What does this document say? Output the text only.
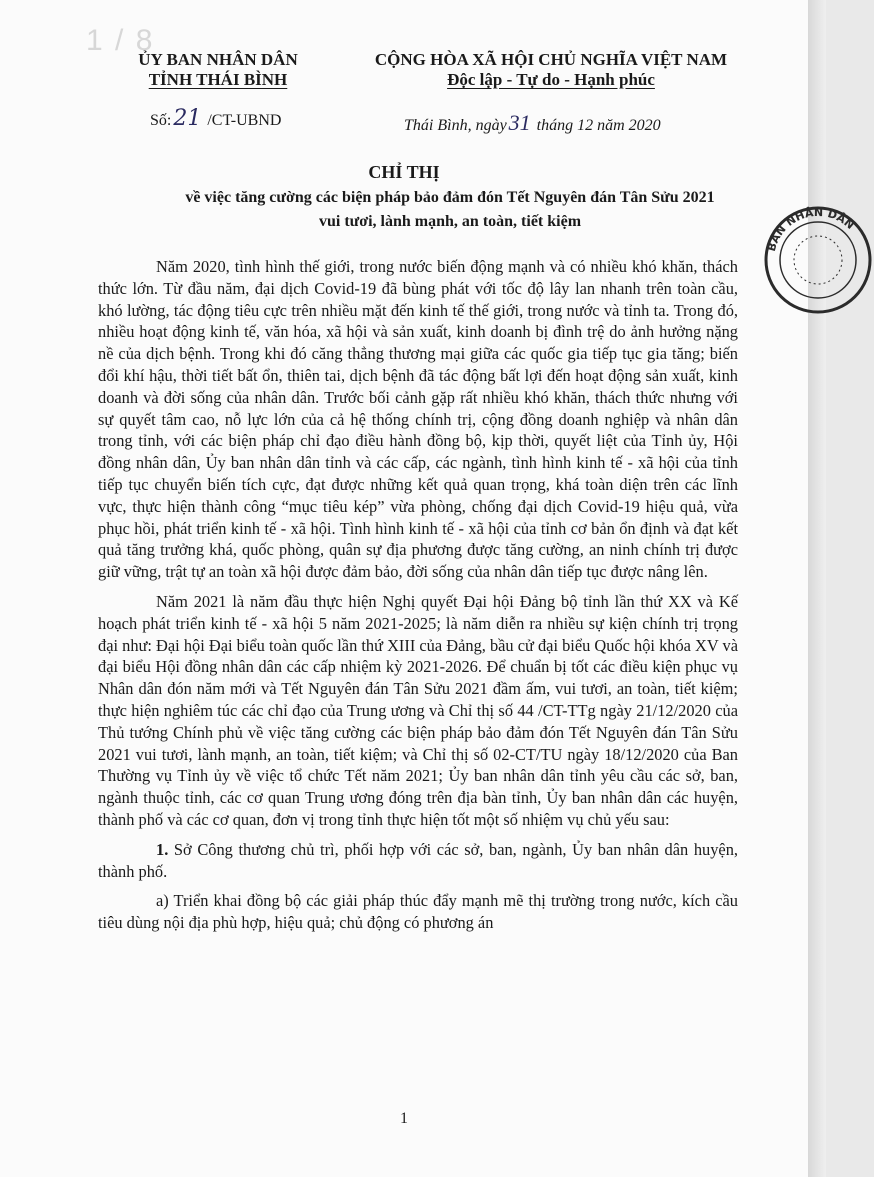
1 / 8
ỦY BAN NHÂN DÂN
TỈNH THÁI BÌNH
CỘNG HÒA XÃ HỘI CHỦ NGHĨA VIỆT NAM
Độc lập - Tự do - Hạnh phúc
Số:21 /CT-UBND	Thái Bình, ngày31 tháng 12 năm 2020
CHỈ THỊ
về việc tăng cường các biện pháp bảo đảm đón Tết Nguyên đán Tân Sửu 2021
vui tươi, lành mạnh, an toàn, tiết kiệm

Năm 2020, tình hình thế giới, trong nước biến động mạnh và có nhiều khó khăn, thách thức lớn. Từ đầu năm, đại dịch Covid-19 đã bùng phát với tốc độ lây lan nhanh trên toàn cầu, khó lường, tác động tiêu cực trên nhiều mặt đến kinh tế thế giới, trong nước và tỉnh ta. Trong đó, nhiều hoạt động kinh tế, văn hóa, xã hội và sản xuất, kinh doanh bị đình trệ do ảnh hưởng nặng nề của dịch bệnh. Trong khi đó căng thẳng thương mại giữa các quốc gia tiếp tục gia tăng; biến đổi khí hậu, thời tiết bất ổn, thiên tai, dịch bệnh đã tác động bất lợi đến hoạt động sản xuất, kinh doanh và đời sống của nhân dân. Trước bối cảnh gặp rất nhiều khó khăn, thách thức nhưng với sự quyết tâm cao, nỗ lực lớn của cả hệ thống chính trị, cộng đồng doanh nghiệp và nhân dân trong tỉnh, với các biện pháp chỉ đạo điều hành đồng bộ, kịp thời, quyết liệt của Tỉnh ủy, Hội đồng nhân dân, Ủy ban nhân dân tỉnh và các cấp, các ngành, tình hình kinh tế - xã hội của tỉnh tiếp tục chuyển biến tích cực, đạt được những kết quả quan trọng, khá toàn diện trên các lĩnh vực, thực hiện thành công “mục tiêu kép” vừa phòng, chống đại dịch Covid-19 hiệu quả, vừa phục hồi, phát triển kinh tế - xã hội. Tình hình kinh tế - xã hội của tỉnh cơ bản ổn định và đạt kết quả tăng trưởng khá, quốc phòng, quân sự địa phương được tăng cường, an ninh chính trị được giữ vững, trật tự an toàn xã hội được đảm bảo, đời sống của nhân dân tiếp tục được nâng lên.

Năm 2021 là năm đầu thực hiện Nghị quyết Đại hội Đảng bộ tỉnh lần thứ XX và Kế hoạch phát triển kinh tế - xã hội 5 năm 2021-2025; là năm diễn ra nhiều sự kiện chính trị trọng đại như: Đại hội Đại biểu toàn quốc lần thứ XIII của Đảng, bầu cử đại biểu Quốc hội khóa XV và đại biểu Hội đồng nhân dân các cấp nhiệm kỳ 2021-2026. Để chuẩn bị tốt các điều kiện phục vụ Nhân dân đón năm mới và Tết Nguyên đán Tân Sửu 2021 đầm ấm, vui tươi, an toàn, tiết kiệm; thực hiện nghiêm túc các chỉ đạo của Trung ương và Chỉ thị số 44 /CT-TTg ngày 21/12/2020 của Thủ tướng Chính phủ về việc tăng cường các biện pháp bảo đảm đón Tết Nguyên đán Tân Sửu 2021 vui tươi, lành mạnh, an toàn, tiết kiệm; và Chỉ thị số 02-CT/TU ngày 18/12/2020 của Ban Thường vụ Tỉnh ủy về việc tổ chức Tết năm 2021; Ủy ban nhân dân tỉnh yêu cầu các sở, ban, ngành thuộc tỉnh, các cơ quan Trung ương đóng trên địa bàn tỉnh, Ủy ban nhân dân các huyện, thành phố và các cơ quan, đơn vị trong tỉnh thực hiện tốt một số nhiệm vụ chủ yếu sau:

1. Sở Công thương chủ trì, phối hợp với các sở, ban, ngành, Ủy ban nhân dân huyện, thành phố.

a) Triển khai đồng bộ các giải pháp thúc đẩy mạnh mẽ thị trường trong nước, kích cầu tiêu dùng nội địa phù hợp, hiệu quả; chủ động có phương án

1
BAN NHÂN DÂN
